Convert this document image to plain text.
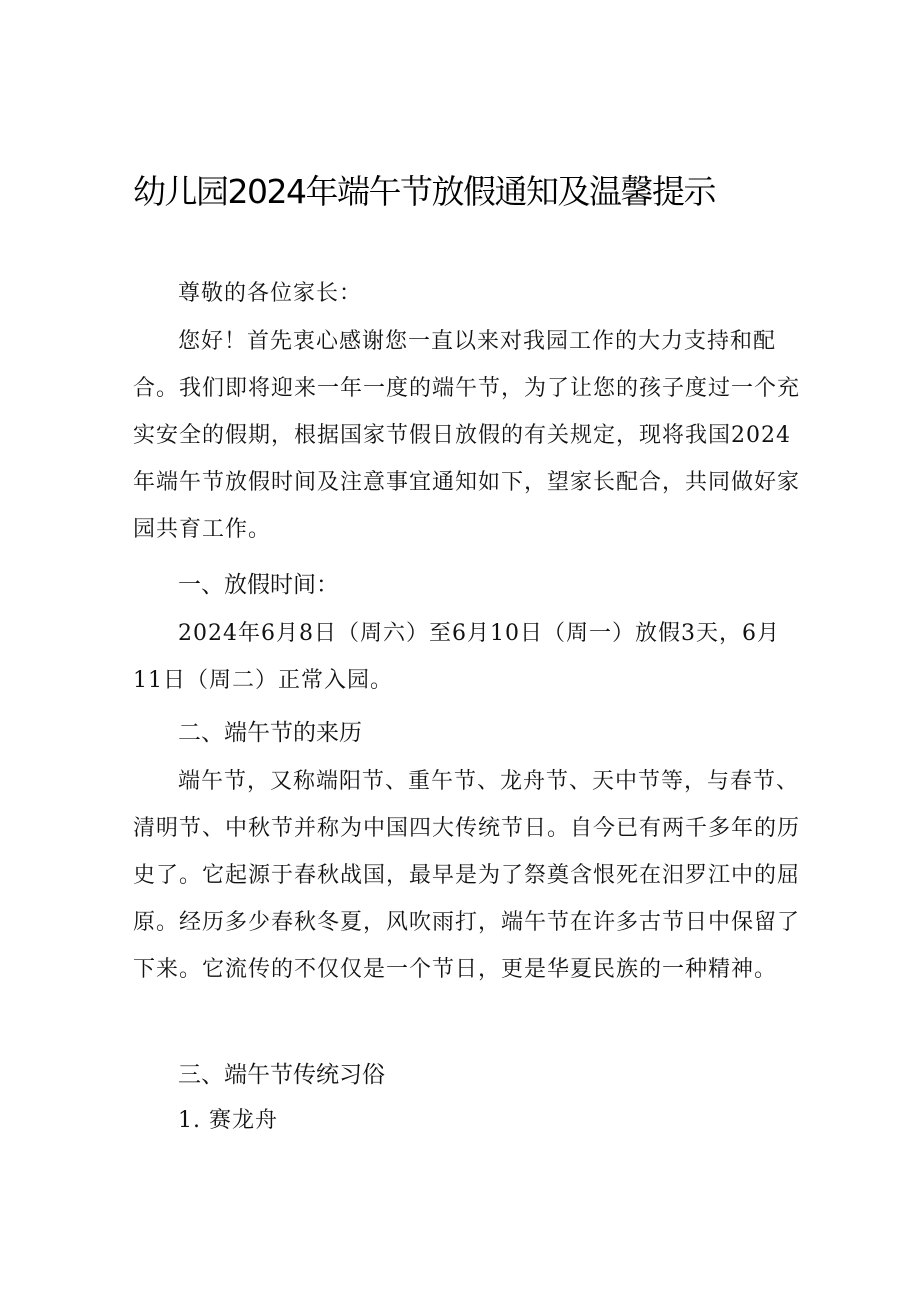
幼儿园2024年端午节放假通知及温馨提示
尊敬的各位家长：
您好！首先衷心感谢您一直以来对我园工作的大力支持和配合。我们即将迎来一年一度的端午节，为了让您的孩子度过一个充实安全的假期，根据国家节假日放假的有关规定，现将我国2024年端午节放假时间及注意事宜通知如下，望家长配合，共同做好家园共育工作。
一、放假时间：
2024年6月8日（周六）至6月10日（周一）放假3天，6月11日（周二）正常入园。
二、端午节的来历
端午节，又称端阳节、重午节、龙舟节、天中节等，与春节、清明节、中秋节并称为中国四大传统节日。自今已有两千多年的历史了。它起源于春秋战国，最早是为了祭奠含恨死在汨罗江中的屈原。经历多少春秋冬夏，风吹雨打，端午节在许多古节日中保留了下来。它流传的不仅仅是一个节日，更是华夏民族的一种精神。
三、端午节传统习俗
1. 赛龙舟
